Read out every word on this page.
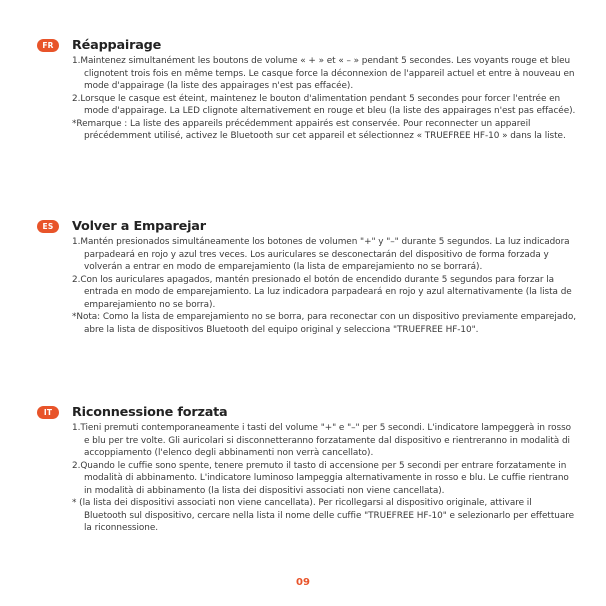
FR	Réappairage
1.Maintenez simultanément les boutons de volume « + » et « – » pendant 5 secondes. Les voyants rouge et bleu clignotent trois fois en même temps. Le casque force la déconnexion de l'appareil actuel et entre à nouveau en mode d'appairage (la liste des appairages n'est pas effacée).
2.Lorsque le casque est éteint, maintenez le bouton d'alimentation pendant 5 secondes pour forcer l'entrée en mode d'appairage. La LED clignote alternativement en rouge et bleu (la liste des appairages n'est pas effacée).
*Remarque : La liste des appareils précédemment appairés est conservée. Pour reconnecter un appareil précédemment utilisé, activez le Bluetooth sur cet appareil et sélectionnez « TRUEFREE HF-10 » dans la liste.
ES	Volver a Emparejar
1.Mantén presionados simultáneamente los botones de volumen "+" y "–" durante 5 segundos. La luz indicadora parpadeará en rojo y azul tres veces. Los auriculares se desconectarán del dispositivo de forma forzada y volverán a entrar en modo de emparejamiento (la lista de emparejamiento no se borrará).
2.Con los auriculares apagados, mantén presionado el botón de encendido durante 5 segundos para forzar la entrada en modo de emparejamiento. La luz indicadora parpadeará en rojo y azul alternativamente (la lista de emparejamiento no se borra).
*Nota: Como la lista de emparejamiento no se borra, para reconectar con un dispositivo previamente emparejado, abre la lista de dispositivos Bluetooth del equipo original y selecciona "TRUEFREE HF-10".
IT	Riconnessione forzata
1.Tieni premuti contemporaneamente i tasti del volume "+" e "–" per 5 secondi. L'indicatore lampeggerà in rosso e blu per tre volte. Gli auricolari si disconnetteranno forzatamente dal dispositivo e rientreranno in modalità di accoppiamento (l'elenco degli abbinamenti non verrà cancellato).
2.Quando le cuffie sono spente, tenere premuto il tasto di accensione per 5 secondi per entrare forzatamente in modalità di abbinamento. L'indicatore luminoso lampeggia alternativamente in rosso e blu. Le cuffie rientrano in modalità di abbinamento (la lista dei dispositivi associati non viene cancellata).
* (la lista dei dispositivi associati non viene cancellata). Per ricollegarsi al dispositivo originale, attivare il Bluetooth sul dispositivo, cercare nella lista il nome delle cuffie "TRUEFREE HF-10" e selezionarlo per effettuare la riconnessione.
09
